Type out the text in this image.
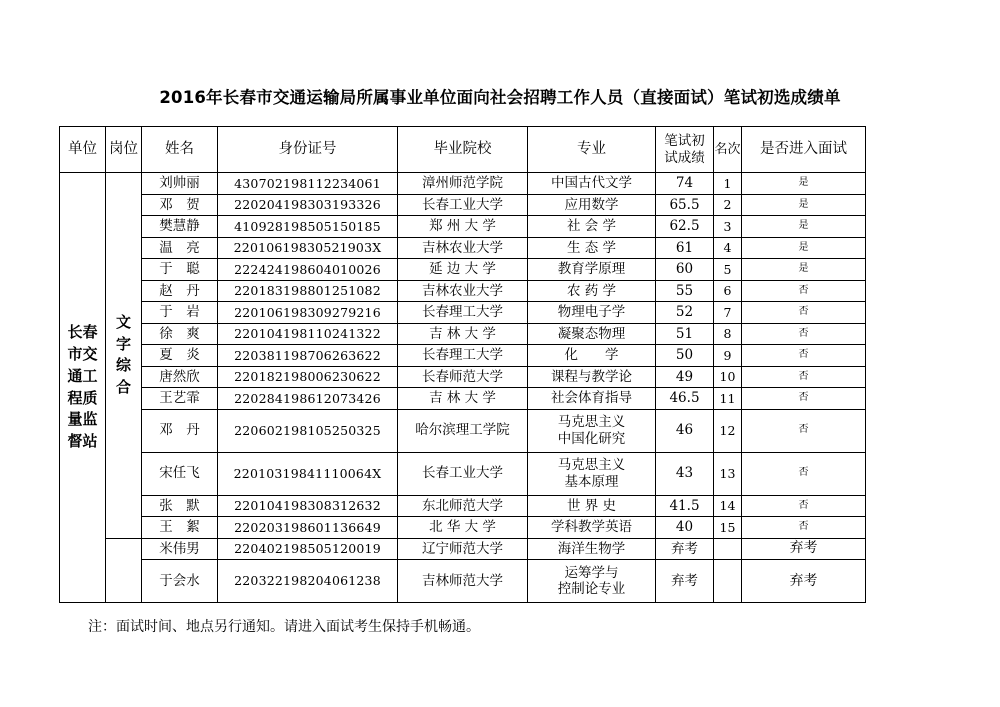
2016年长春市交通运输局所属事业单位面向社会招聘工作人员（直接面试）笔试初选成绩单
单位	岗位	姓名	身份证号	毕业院校	专业	笔试初试成绩	名次	是否进入面试
长春市交通工程质量监督站	文字综合	刘帅丽	430702198112234061	漳州师范学院	中国古代文学	74	1	是
		邓　贺	220204198303193326	长春工业大学	应用数学	65.5	2	是
		樊慧静	410928198505150185	郑 州 大 学	社 会 学	62.5	3	是
		温　亮	22010619830521903X	吉林农业大学	生 态 学	61	4	是
		于　聪	222424198604010026	延 边 大 学	教育学原理	60	5	是
		赵　丹	220183198801251082	吉林农业大学	农 药 学	55	6	否
		于　岩	220106198309279216	长春理工大学	物理电子学	52	7	否
		徐　爽	220104198110241322	吉 林 大 学	凝聚态物理	51	8	否
		夏　炎	220381198706263622	长春理工大学	化　　学	50	9	否
		唐然欣	220182198006230622	长春师范大学	课程与教学论	49	10	否
		王艺霏	220284198612073426	吉 林 大 学	社会体育指导	46.5	11	否
		邓　丹	220602198105250325	哈尔滨理工学院	马克思主义
中国化研究	46	12	否
		宋任飞	22010319841110064X	长春工业大学	马克思主义
基本原理	43	13	否
		张　默	220104198308312632	东北师范大学	世 界 史	41.5	14	否
		王　絮	220203198601136649	北 华 大 学	学科教学英语	40	15	否
		米伟男	220402198505120019	辽宁师范大学	海洋生物学	弃考		弃考
		于会水	220322198204061238	吉林师范大学	运筹学与
控制论专业	弃考		弃考
注：面试时间、地点另行通知。请进入面试考生保持手机畅通。
